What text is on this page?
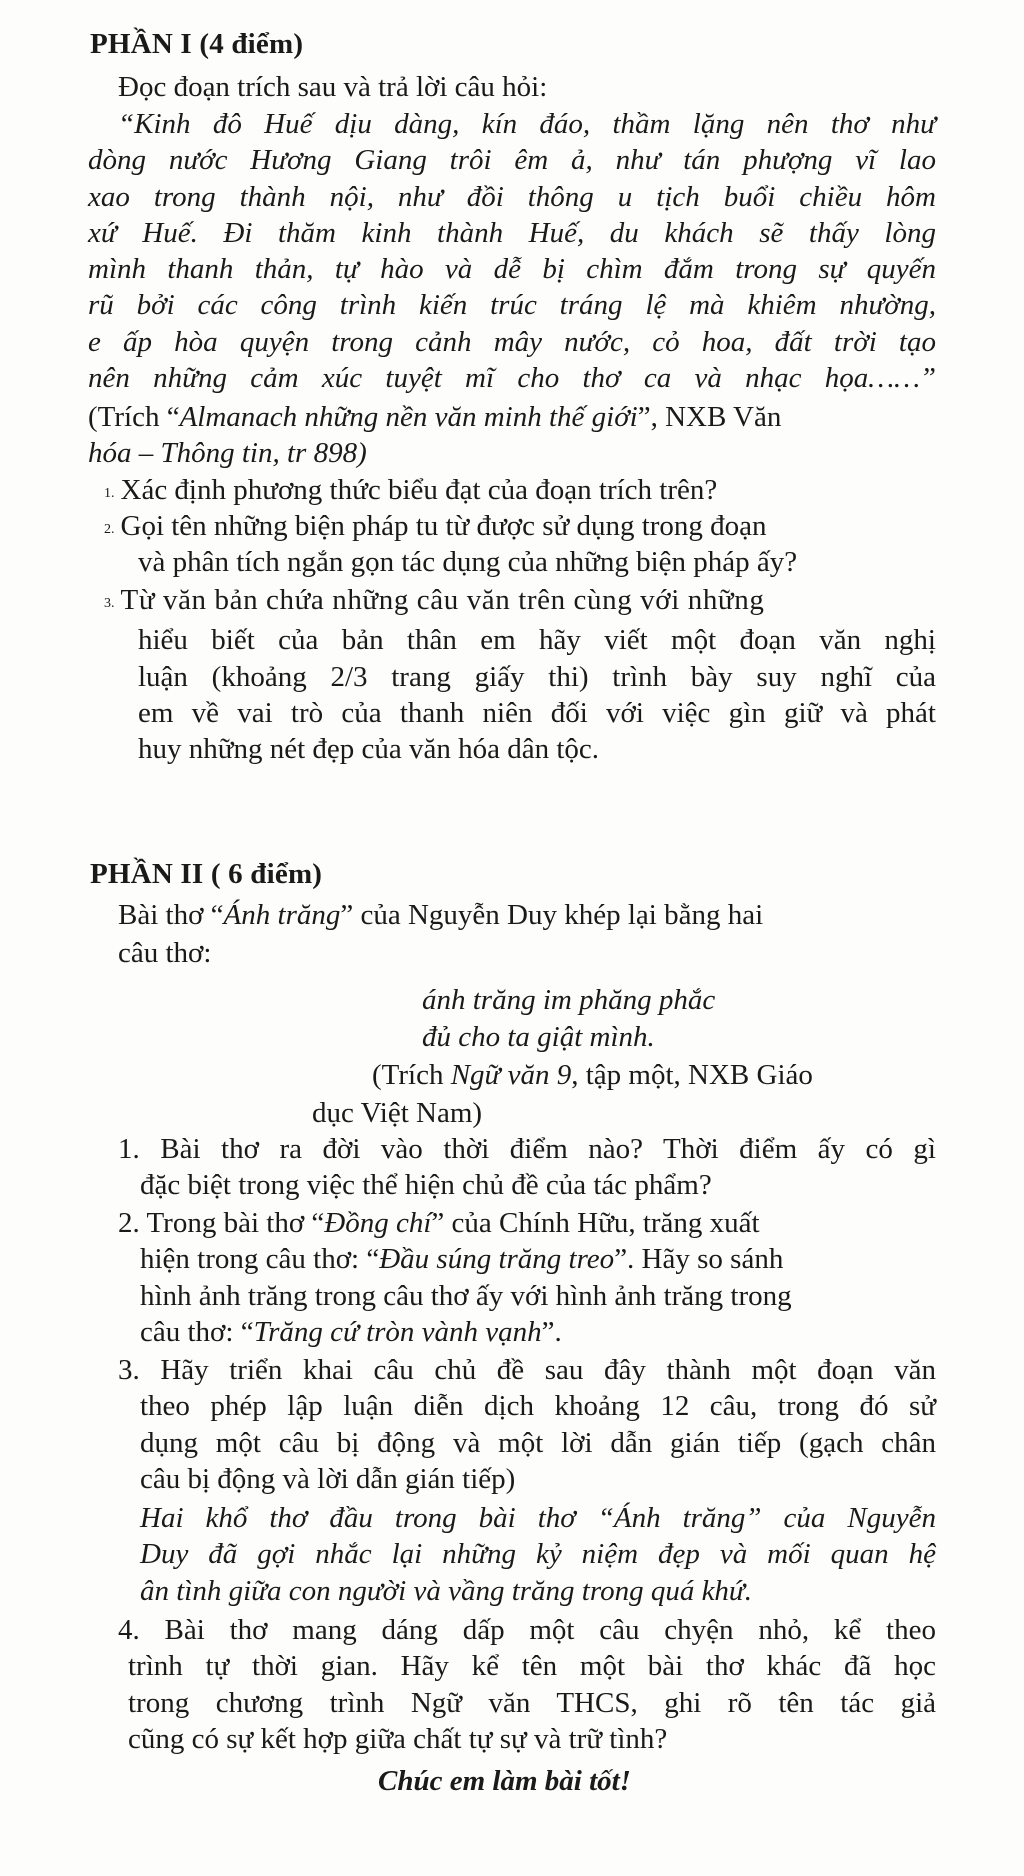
PHẦN I (4 điểm)
Đọc đoạn trích sau và trả lời câu hỏi:
“Kinh đô Huế dịu dàng, kín đáo, thầm lặng nên thơ như
dòng nước Hương Giang trôi êm ả, như tán phượng vĩ lao
xao trong thành nội, như đồi thông u tịch buổi chiều hôm
xứ Huế. Đi thăm kinh thành Huế, du khách sẽ thấy lòng
mình thanh thản, tự hào và dễ bị chìm đắm trong sự quyến
rũ bởi các công trình kiến trúc tráng lệ mà khiêm nhường,
e ấp hòa quyện trong cảnh mây nước, cỏ hoa, đất trời tạo
nên những cảm xúc tuyệt mĩ cho thơ ca và nhạc họa……”
(Trích “Almanach những nền văn minh thế giới”, NXB Văn
hóa – Thông tin, tr 898)
1. Xác định phương thức biểu đạt của đoạn trích trên?
2. Gọi tên những biện pháp tu từ được sử dụng trong đoạn
và phân tích ngắn gọn tác dụng của những biện pháp ấy?
3. Từ văn bản chứa những câu văn trên cùng với những
hiểu biết của bản thân em hãy viết một đoạn văn nghị
luận (khoảng 2/3 trang giấy thi) trình bày suy nghĩ của
em về vai trò của thanh niên đối với việc gìn giữ và phát
huy những nét đẹp của văn hóa dân tộc.
PHẦN II ( 6 điểm)
Bài thơ “Ánh trăng” của Nguyễn Duy khép lại bằng hai
câu thơ:
ánh trăng im phăng phắc
đủ cho ta giật mình.
(Trích Ngữ văn 9, tập một, NXB Giáo
dục Việt Nam)
1. Bài thơ ra đời vào thời điểm nào? Thời điểm ấy có gì
đặc biệt trong việc thể hiện chủ đề của tác phẩm?
2. Trong bài thơ “Đồng chí” của Chính Hữu, trăng xuất
hiện trong câu thơ: “Đầu súng trăng treo”. Hãy so sánh
hình ảnh trăng trong câu thơ ấy với hình ảnh trăng trong
câu thơ: “Trăng cứ tròn vành vạnh”.
3. Hãy triển khai câu chủ đề sau đây thành một đoạn văn
theo phép lập luận diễn dịch khoảng 12 câu, trong đó sử
dụng một câu bị động và một lời dẫn gián tiếp (gạch chân
câu bị động và lời dẫn gián tiếp)
Hai khổ thơ đầu trong bài thơ “Ánh trăng” của Nguyễn
Duy đã gợi nhắc lại những kỷ niệm đẹp và mối quan hệ
ân tình giữa con người và vầng trăng trong quá khứ.
4. Bài thơ mang dáng dấp một câu chyện nhỏ, kể theo
trình tự thời gian. Hãy kể tên một bài thơ khác đã học
trong chương trình Ngữ văn THCS, ghi rõ tên tác giả
cũng có sự kết hợp giữa chất tự sự và trữ tình?
Chúc em làm bài tốt!
